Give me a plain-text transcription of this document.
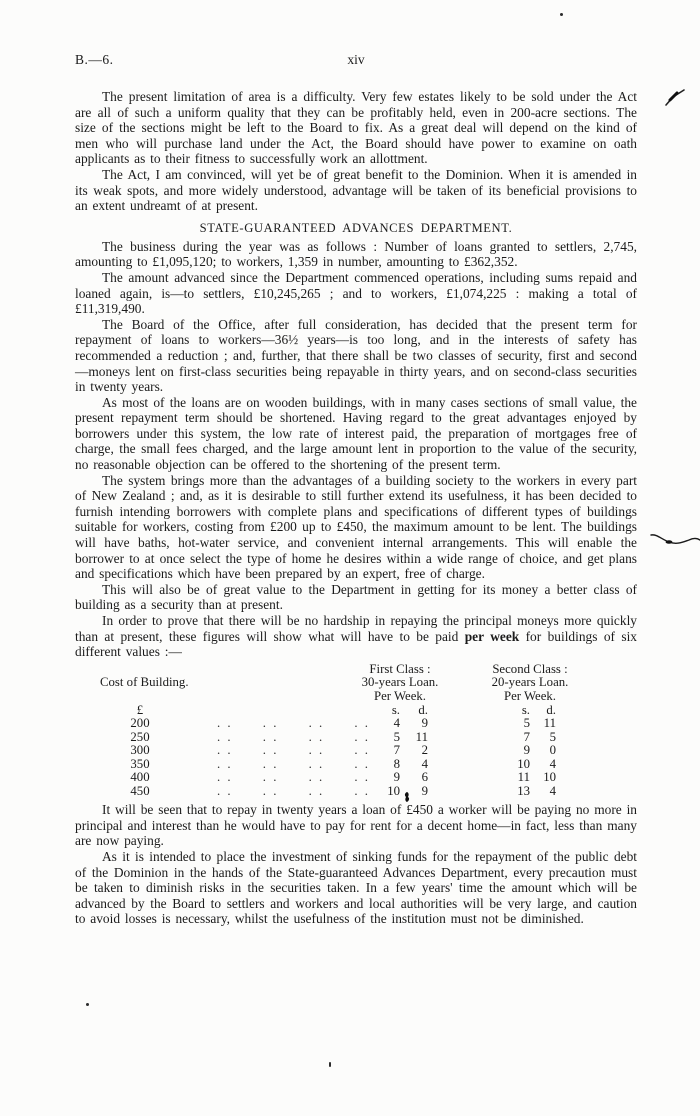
B.—6.	xiv

The present limitation of area is a difficulty. Very few estates likely to be sold under the Act are all of such a uniform quality that they can be profitably held, even in 200-acre sections. The size of the sections might be left to the Board to fix. As a great deal will depend on the kind of men who will purchase land under the Act, the Board should have power to examine on oath applicants as to their fitness to successfully work an allottment.

The Act, I am convinced, will yet be of great benefit to the Dominion. When it is amended in its weak spots, and more widely understood, advantage will be taken of its beneficial provisions to an extent undreamt of at present.

STATE-GUARANTEED ADVANCES DEPARTMENT.

The business during the year was as follows : Number of loans granted to settlers, 2,745, amounting to £1,095,120; to workers, 1,359 in number, amounting to £362,352.

The amount advanced since the Department commenced operations, including sums repaid and loaned again, is—to settlers, £10,245,265 ; and to workers, £1,074,225 : making a total of £11,319,490.

The Board of the Office, after full consideration, has decided that the present term for repayment of loans to workers—36½ years—is too long, and in the interests of safety has recommended a reduction ; and, further, that there shall be two classes of security, first and second—moneys lent on first-class securities being repayable in thirty years, and on second-class securities in twenty years.

As most of the loans are on wooden buildings, with in many cases sections of small value, the present repayment term should be shortened. Having regard to the great advantages enjoyed by borrowers under this system, the low rate of interest paid, the preparation of mortgages free of charge, the small fees charged, and the large amount lent in proportion to the value of the security, no reasonable objection can be offered to the shortening of the present term.

The system brings more than the advantages of a building society to the workers in every part of New Zealand ; and, as it is desirable to still further extend its usefulness, it has been decided to furnish intending borrowers with complete plans and specifications of different types of buildings suitable for workers, costing from £200 up to £450, the maximum amount to be lent. The buildings will have baths, hot-water service, and convenient internal arrangements. This will enable the borrower to at once select the type of home he desires within a wide range of choice, and get plans and specifications which have been prepared by an expert, free of charge.

This will also be of great value to the Department in getting for its money a better class of building as a security than at present.

In order to prove that there will be no hardship in repaying the principal moneys more quickly than at present, these figures will show what will have to be paid per week for buildings of six different values :—

First Class :
30-years Loan.
Per Week.
Second Class :
20-years Loan.
Per Week.
Cost of Building.
£	s.	d.	s.	d.
200	. . . . . . . .	4	9	5	11
250	. . . . . . . .	5	11	7	5
300	. . . . . . . .	7	2	9	0
350	. . . . . . . .	8	4	10	4
400	. . . . . . . .	9	6	11	10
450	. . . . . . . .	10	9	13	4

It will be seen that to repay in twenty years a loan of £450 a worker will be paying no more in principal and interest than he would have to pay for rent for a decent home—in fact, less than many are now paying.

As it is intended to place the investment of sinking funds for the repayment of the public debt of the Dominion in the hands of the State-guaranteed Advances Department, every precaution must be taken to diminish risks in the securities taken. In a few years' time the amount which will be advanced by the Board to settlers and workers and local authorities will be very large, and caution to avoid losses is necessary, whilst the usefulness of the institution must not be diminished.
